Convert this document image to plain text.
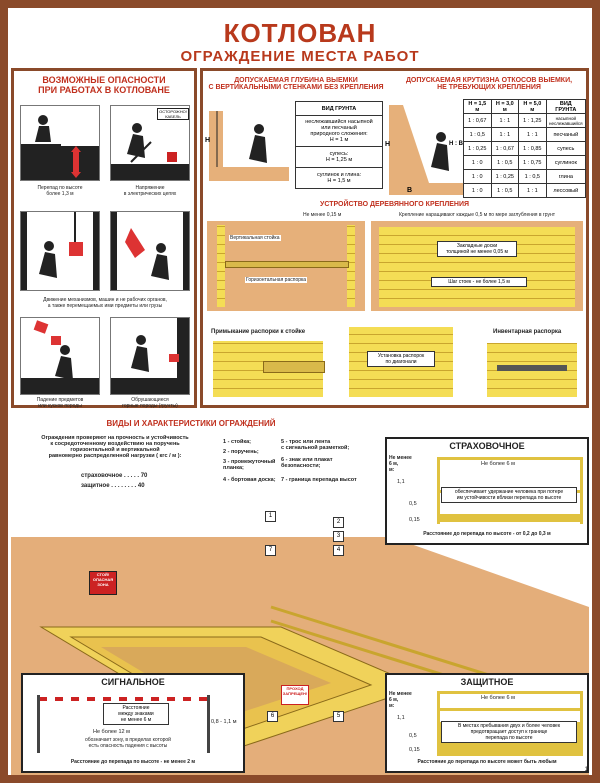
КОТЛОВАН
ОГРАЖДЕНИЕ МЕСТА РАБОТ
ВОЗМОЖНЫЕ ОПАСНОСТИ
ПРИ РАБОТАХ В КОТЛОВАНЕ
Перепад по высоте
более 1,3 м
ОСТОРОЖНО! КАБЕЛЬ
Напряжение
в электрических цепях
Движение механизмов, машин и не рабочих органов,
а также перемещаемых ими предметы или грузы
Падение предметов
или кусков породы
Обрушающиеся
горные породы (грунты)
ДОПУСКАЕМАЯ ГЛУБИНА ВЫЕМКИ
С ВЕРТИКАЛЬНЫМИ СТЕНКАМИ БЕЗ КРЕПЛЕНИЯ
Н
ВИД ГРУНТА
неслежавшийся насыпной
или песчаный
природного сложения:
Н = 1 м
супесь:
Н = 1,25 м
суглинок и глина:
Н = 1,5 м
ДОПУСКАЕМАЯ КРУТИЗНА ОТКОСОВ ВЫЕМКИ,
НЕ ТРЕБУЮЩИХ КРЕПЛЕНИЯ
Н
В
Н : В
Н = 1,5 м	Н = 3,0 м	Н = 5,0 м	ВИД ГРУНТА
1 : 0,67	1 : 1	1 : 1,25	насыпной
неслежавшийся
1 : 0,5	1 : 1	1 : 1	песчаный
1 : 0,25	1 : 0,67	1 : 0,85	супесь
1 : 0	1 : 0,5	1 : 0,75	суглинок
1 : 0	1 : 0,25	1 : 0,5	глина
1 : 0	1 : 0,5	1 : 1	лессовый
УСТРОЙСТВО ДЕРЕВЯННОГО КРЕПЛЕНИЯ
Не менее 0,15 м	Крепление наращивают каждые 0,5 м по мере заглубления в грунт
Вертикальная стойка
Горизонтальная распорка
Закладные доски
толщиной не менее 0,05 м
Шаг стоек - не более 1,5 м
Примыкание распорки к стойке	Инвентарная распорка
Установка распорок
по диагонали
ВИДЫ И ХАРАКТЕРИСТИКИ ОГРАЖДЕНИЙ
Ограждения проверяют на прочность и устойчивость
к сосредоточенному воздействию на поручень
горизонтальной и вертикальной
равномерно распределенной нагрузки ( кгс / м ):
страховочное . . . . . 70
защитное . . . . . . . . 40
1 - стойка;
2 - поручень;
3 - промежуточный
планка;
4 - бортовая доска;
5 - трос или лента
с сигнальной разметкой;
6 - знак или плакат
безопасности;
7 - граница перепада высот
СТОЙ!
ОПАСНАЯ
ЗОНА
ПРОХОД
ЗАПРЕЩЕН!
1
2
3
4
5
6
7
СТРАХОВОЧНОЕ
Не менее
6 м,
м:
Не более 6 м
обеспечивает удержание человека при потере
им устойчивости вблизи перепада по высоте
1,1
0,5
0,15
Расстояние до перепада по высоте - от 0,2 до 0,3 м
СИГНАЛЬНОЕ
Расстояние
между знаками
не менее 6 м
Не более 12 м
0,8 - 1,1 м
обозначает зону, в пределах которой
есть опасность падения с высоты
Расстояние до перепада по высоте - не менее 2 м
ЗАЩИТНОЕ
Не менее
6 м,
м:
Не более 6 м
В местах пребывания двух и более человек
предотвращает доступ к границе
перепада по высоте
1,1
0,5
0,15
Расстояние до перепада по высоте может быть любым
1
